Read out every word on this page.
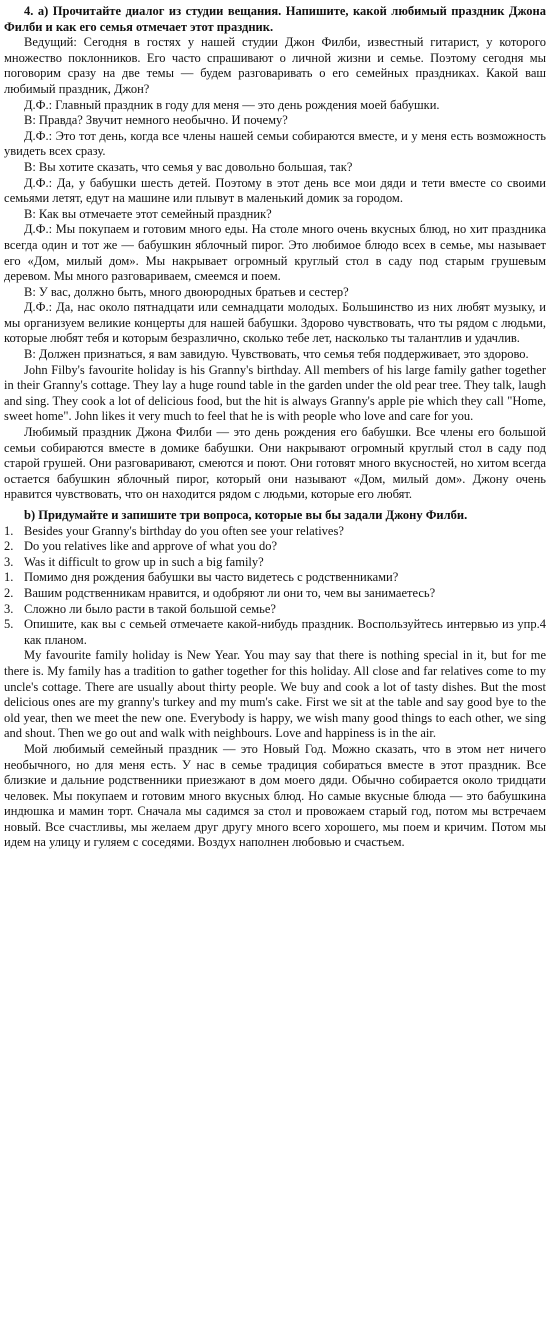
4. а) Прочитайте диалог из студии вещания. Напишите, какой любимый праздник Джона Филби и как его семья отмечает этот праздник.

Ведущий: Сегодня в гостях у нашей студии Джон Филби, известный гитарист, у которого множество поклонников. Его часто спрашивают о личной жизни и семье. Поэтому сегодня мы поговорим сразу на две темы — будем разговаривать о его семейных праздниках. Какой ваш любимый праздник, Джон?

Д.Ф.: Главный праздник в году для меня — это день рождения моей бабушки.

В: Правда? Звучит немного необычно. И почему?

Д.Ф.: Это тот день, когда все члены нашей семьи собираются вместе, и у меня есть возможность увидеть всех сразу.

В: Вы хотите сказать, что семья у вас довольно большая, так?

Д.Ф.: Да, у бабушки шесть детей. Поэтому в этот день все мои дяди и тети вместе со своими семьями летят, едут на машине или плывут в маленький домик за городом.

В: Как вы отмечаете этот семейный праздник?

Д.Ф.: Мы покупаем и готовим много еды. На столе много очень вкусных блюд, но хит праздника всегда один и тот же — бабушкин яблочный пирог. Это любимое блюдо всех в семье, мы называет его «Дом, милый дом». Мы накрывает огромный круглый стол в саду под старым грушевым деревом. Мы много разговариваем, смеемся и поем.

В: У вас, должно быть, много двоюродных братьев и сестер?

Д.Ф.: Да, нас около пятнадцати или семнадцати молодых. Большинство из них любят музыку, и мы организуем великие концерты для нашей бабушки. Здорово чувствовать, что ты рядом с людьми, которые любят тебя и которым безразлично, сколько тебе лет, насколько ты талантлив и удачлив.

В: Должен признаться, я вам завидую. Чувствовать, что семья тебя поддерживает, это здорово.

John Filby's favourite holiday is his Granny's birthday. All members of his large family gather together in their Granny's cottage. They lay a huge round table in the garden under the old pear tree. They talk, laugh and sing. They cook a lot of delicious food, but the hit is always Granny's apple pie which they call "Home, sweet home". John likes it very much to feel that he is with people who love and care for you.

Любимый праздник Джона Филби — это день рождения его бабушки. Все члены его большой семьи собираются вместе в домике бабушки. Они накрывают огромный круглый стол в саду под старой грушей. Они разговаривают, смеются и поют. Они готовят много вкусностей, но хитом всегда остается бабушкин яблочный пирог, который они называют «Дом, милый дом». Джону очень нравится чувствовать, что он находится рядом с людьми, которые его любят.

b) Придумайте и запишите три вопроса, которые вы бы задали Джону Филби.

1. Besides your Granny's birthday do you often see your relatives?
2. Do you relatives like and approve of what you do?
3. Was it difficult to grow up in such a big family?
1. Помимо дня рождения бабушки вы часто видетесь с родственниками?
2. Вашим родственникам нравится, и одобряют ли они то, чем вы занимаетесь?
3. Сложно ли было расти в такой большой семье?
5. Опишите, как вы с семьей отмечаете какой-нибудь праздник. Воспользуйтесь интервью из упр.4 как планом.

My favourite family holiday is New Year. You may say that there is nothing special in it, but for me there is. My family has a tradition to gather together for this holiday. All close and far relatives come to my uncle's cottage. There are usually about thirty people. We buy and cook a lot of tasty dishes. But the most delicious ones are my granny's turkey and my mum's cake. First we sit at the table and say good bye to the old year, then we meet the new one. Everybody is happy, we wish many good things to each other, we sing and shout. Then we go out and walk with neighbours. Love and happiness is in the air.

Мой любимый семейный праздник — это Новый Год. Можно сказать, что в этом нет ничего необычного, но для меня есть. У нас в семье традиция собираться вместе в этот праздник. Все близкие и дальние родственники приезжают в дом моего дяди. Обычно собирается около тридцати человек. Мы покупаем и готовим много вкусных блюд. Но самые вкусные блюда — это бабушкина индюшка и мамин торт. Сначала мы садимся за стол и провожаем старый год, потом мы встречаем новый. Все счастливы, мы желаем друг другу много всего хорошего, мы поем и кричим. Потом мы идем на улицу и гуляем с соседями. Воздух наполнен любовью и счастьем.
